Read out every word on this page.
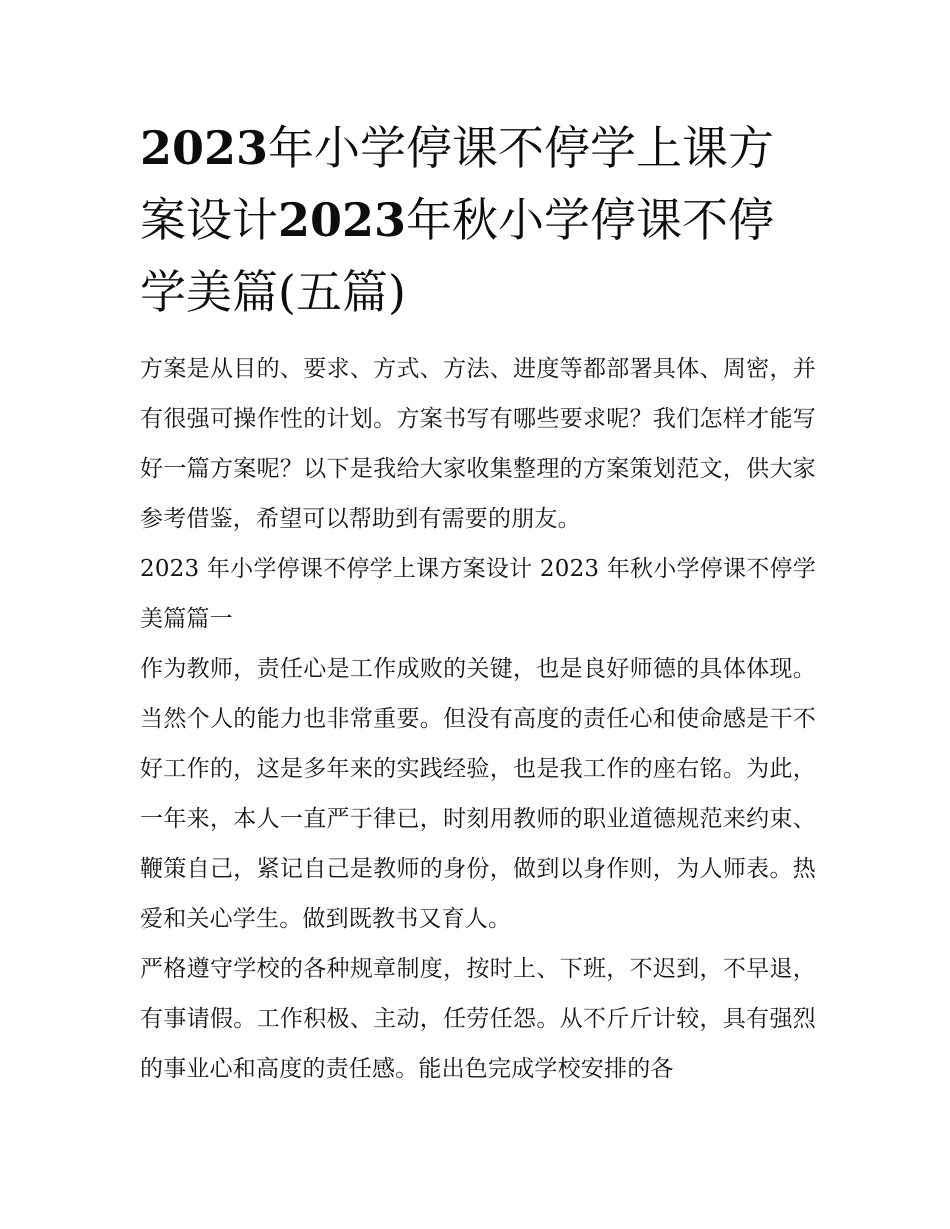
2023年小学停课不停学上课方案设计2023年秋小学停课不停学美篇(五篇)

方案是从目的、要求、方式、方法、进度等都部署具体、周密，并有很强可操作性的计划。方案书写有哪些要求呢？我们怎样才能写好一篇方案呢？以下是我给大家收集整理的方案策划范文，供大家参考借鉴，希望可以帮助到有需要的朋友。

2023 年小学停课不停学上课方案设计 2023 年秋小学停课不停学美篇篇一

作为教师，责任心是工作成败的关键，也是良好师德的具体体现。当然个人的能力也非常重要。但没有高度的责任心和使命感是干不好工作的，这是多年来的实践经验，也是我工作的座右铭。为此，一年来，本人一直严于律已，时刻用教师的职业道德规范来约束、鞭策自己，紧记自己是教师的身份，做到以身作则，为人师表。热爱和关心学生。做到既教书又育人。

严格遵守学校的各种规章制度，按时上、下班，不迟到，不早退，有事请假。工作积极、主动，任劳任怨。从不斤斤计较，具有强烈的事业心和高度的责任感。能出色完成学校安排的各
